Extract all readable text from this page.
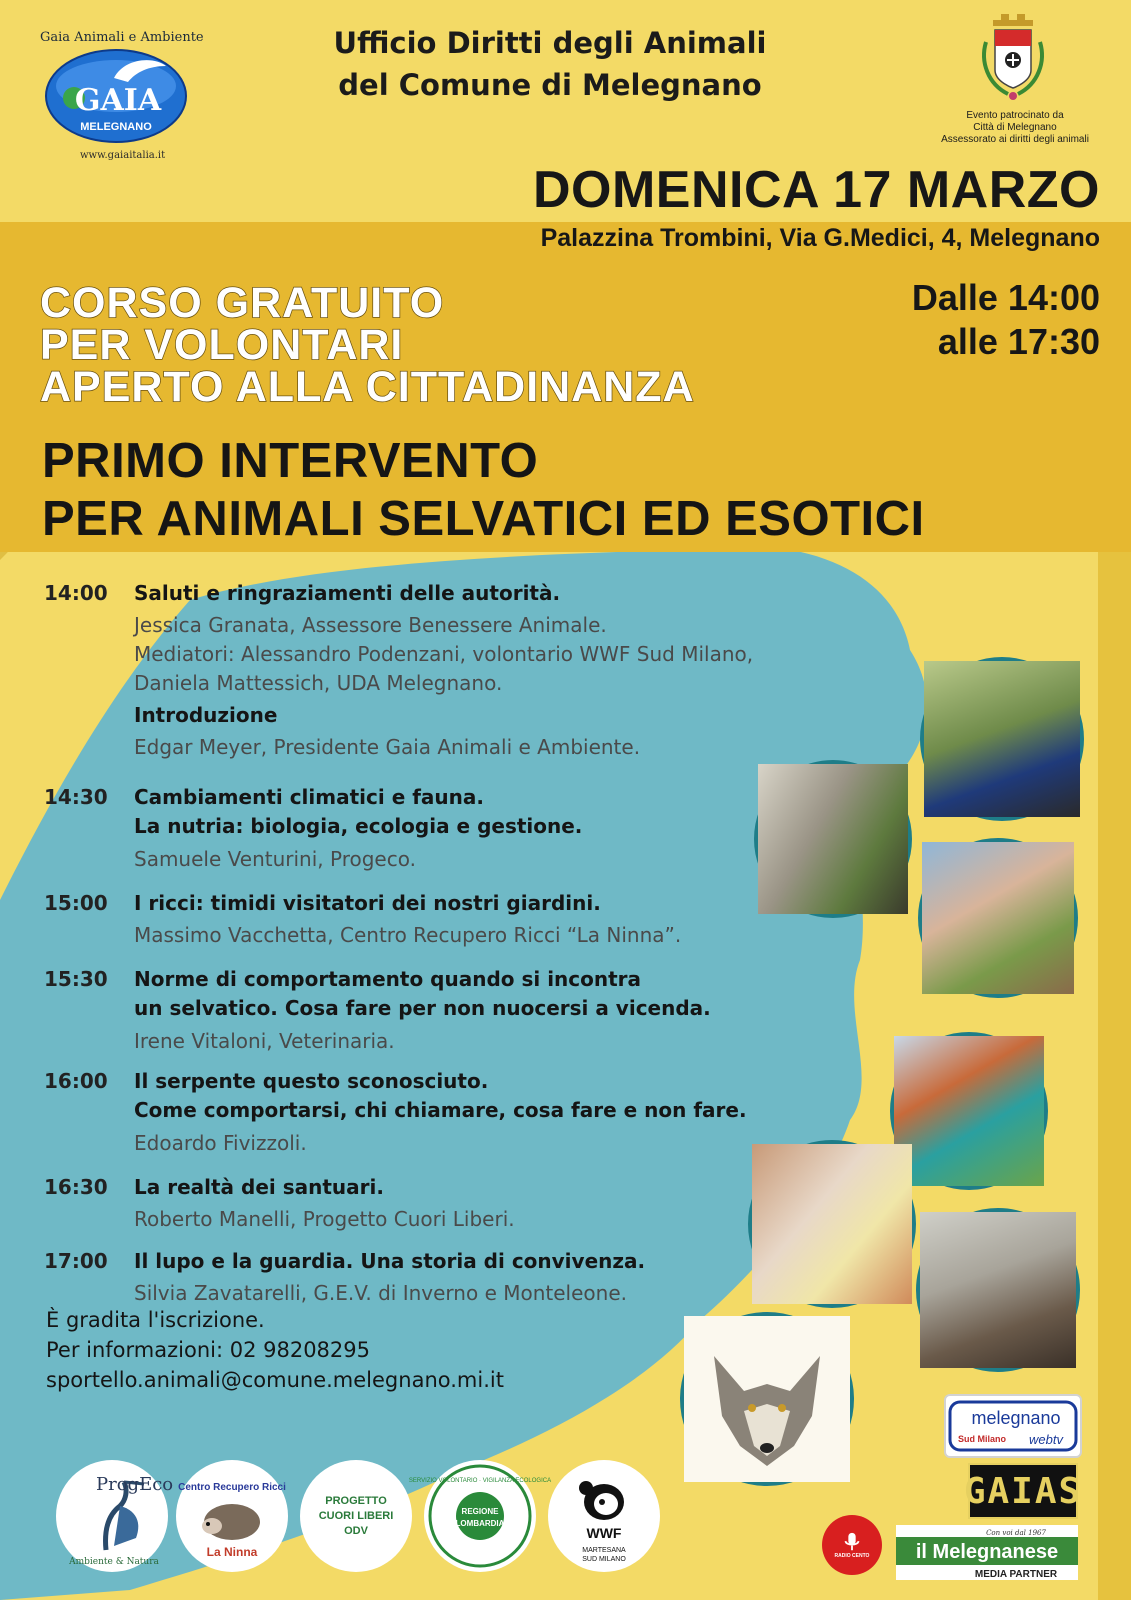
Gaia Animali e Ambiente
GAIA
MELEGNANO
www.gaiaitalia.it
Ufficio Diritti degli Animali
del Comune di Melegnano
Evento patrocinato da
Città di Melegnano
Assessorato ai diritti degli animali
DOMENICA 17 MARZO
Palazzina Trombini, Via G.Medici, 4, Melegnano
Dalle 14:00
alle 17:30
CORSO GRATUITO
PER VOLONTARI
APERTO ALLA CITTADINANZA
PRIMO INTERVENTO
PER ANIMALI SELVATICI ED ESOTICI
14:00 Saluti e ringraziamenti delle autorità.
Jessica Granata, Assessore Benessere Animale.
Mediatori: Alessandro Podenzani, volontario WWF Sud Milano,
Daniela Mattessich, UDA Melegnano.
Introduzione
Edgar Meyer, Presidente Gaia Animali e Ambiente.
14:30 Cambiamenti climatici e fauna.
La nutria: biologia, ecologia e gestione.
Samuele Venturini, Progeco.
15:00 I ricci: timidi visitatori dei nostri giardini.
Massimo Vacchetta, Centro Recupero Ricci “La Ninna”.
15:30 Norme di comportamento quando si incontra
un selvatico. Cosa fare per non nuocersi a vicenda.
Irene Vitaloni, Veterinaria.
16:00 Il serpente questo sconosciuto.
Come comportarsi, chi chiamare, cosa fare e non fare.
Edoardo Fivizzoli.
16:30 La realtà dei santuari.
Roberto Manelli, Progetto Cuori Liberi.
17:00 Il lupo e la guardia. Una storia di convivenza.
Silvia Zavatarelli, G.E.V. di Inverno e Monteleone.
È gradita l'iscrizione.
Per informazioni: 02 98208295
sportello.animali@comune.melegnano.mi.it
ProgEco
Ambiente & Natura
Centro Recupero Ricci
La Ninna
PROGETTO
CUORI LIBERI
ODV
SERVIZIO VOLONTARIO · VIGILANZA ECOLOGICA
REGIONE
LOMBARDIA
WWF
MARTESANA
SUD MILANO
melegnano
Sud Milano webtv
GAIAS
RADIO CENTO
Con voi dal 1967
il Melegnanese
MEDIA PARTNER
